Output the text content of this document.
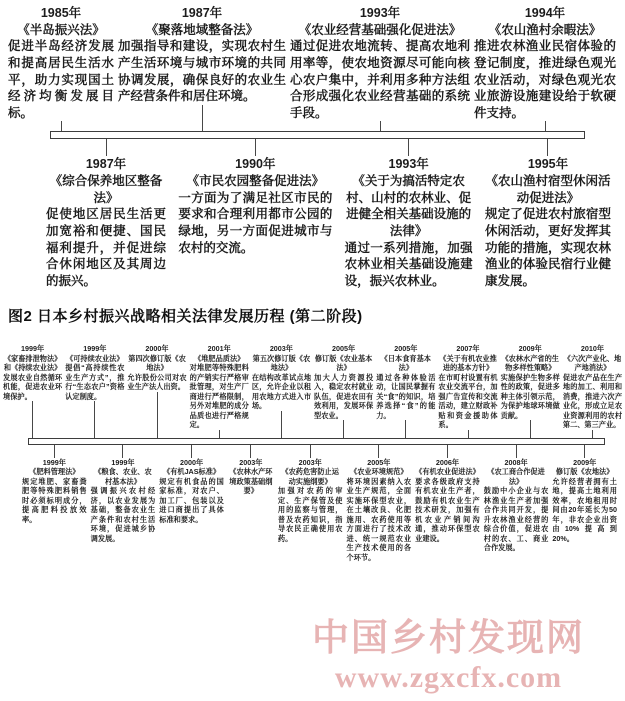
1985年
《半岛振兴法》
促进半岛经济发展和提高居民生活水平，助力实现国土经济均衡发展目标。
1987年
《聚落地域整备法》
加强指导和建设，实现农村生产生活环境与城市环境的共同协调发展，确保良好的农业生产经营条件和居住环境。
1993年
《农业经营基础强化促进法》
通过促进农地流转、提高农地利用率等，使农地资源尽可能向核心农户集中，并利用多种方法组合形成强化农业经营基础的系统手段。
1994年
《农山渔村余暇法》
推进农林渔业民宿体验的登记制度，推进绿色观光农业活动，对绿色观光农业旅游设施建设给于软硬件支持。
1987年
《综合保养地区整备法》
促使地区居民生活更加宽裕和便捷、国民福利提升，并促进综合休闲地区及其周边的振兴。
1990年
《市民农园整备促进法》
一方面为了满足社区市民的要求和合理利用都市公园的绿地，另一方面促进城市与农村的交流。
1993年
《关于为搞活特定农村、山村的农林业、促进健全相关基础设施的法律》
通过一系列措施，加强农林业相关基础设施建设，振兴农林业。
1995年
《农山渔村宿型休闲活动促进法》
规定了促进农村旅宿型休闲活动，更好发挥其功能的措施，实现农林渔业的体验民宿行业健康发展。
图2 日本乡村振兴战略相关法律发展历程 (第二阶段)
1999年
《家畜排泄物法》和《持续农业法》
发展农业自然循环机能，促进农业环境保护。
1999年
《可持续农业法》
提倡“高持续性农业生产方式”，推行“生态农户”资格认定制度。
2000年
第四次修订版《农地法》
允许股份公司对农业生产法人出资。
2001年
《堆肥品质法》
对堆肥等特殊肥料的产销实行严格审批管理，对生产厂商进行严格限制，另外对堆肥的成分品质也进行严格规定。
2003年
第五次修订版《农地法》
在结构改革试点地区，允许企业以租用农地方式进入市场。
2005年
修订版《农业基本法》
加大人力资源投入，稳定农村就业队伍，促进农田有效利用，发展环保型农业。
2005年
《日本食育基本法》
通过各种体验活动，让国民掌握有关“食”的知识，培养选择“食”的能力。
2007年
《关于有机农业推进的基本方针》
在市町村设置有机农业交流平台，加强广告宣传和交流活动，建立财政补贴和资金援助体系。
2009年
《农林水产省的生物多样性策略》
实施保护生物多样性的政策，促进多种主体引领示范，为保护地球环境做贡献。
2010年
《六次产业化、地产地消法》
促进农产品在生产地的加工、利用和消费，推进六次产业化，形成立足农业资源利用的农村第二、第三产业。
1999年
《肥料管理法》
规定堆肥、家畜粪肥等特殊肥料销售时必须标明成分，提高肥料投放效率。
1999年
《粮食、农业、农村基本法》
强调振兴农村经济，以农业发展为基础，整备农业生产条件和农村生活环境，促进城乡协调发展。
2000年
《有机JAS标准》
规定有机食品的国家标准，对农户、加工厂、包装以及进口商提出了具体标准和要求。
2003年
《农林水产环境政策基础纲要》
2003年
《农药危害防止运动实施纲要》
加强对农药的审定、生产保管及使用的监察与管理，普及农药知识，指导农民正确使用农药。
2005年
《农业环境规范》
将环境因素纳入农业生产规范，全面实施环保型农业，在土壤改良、化肥施用、农药使用等方面进行了技术改进、统一规范农业生产技术使用的各个环节。
2006年
《有机农业促进法》
要求各级政府支持有机农业生产者，鼓励有机农业生产技术研发，加强有机农业产销间沟通，推动环保型农业建设。
2008年
《农工商合作促进法》
鼓励中小企业与农林渔业生产者加强合作共同开发，提升农林渔业经营的综合价值，促进农村的农、工、商业合作发展。
2009年
修订版《农地法》
允许经营者拥有土地，提高土地利用效率，农地租用时间由20年延长为50年，非农企业出资由10%提高到20%。
中国乡村发现网
www.zgxcfx.com
